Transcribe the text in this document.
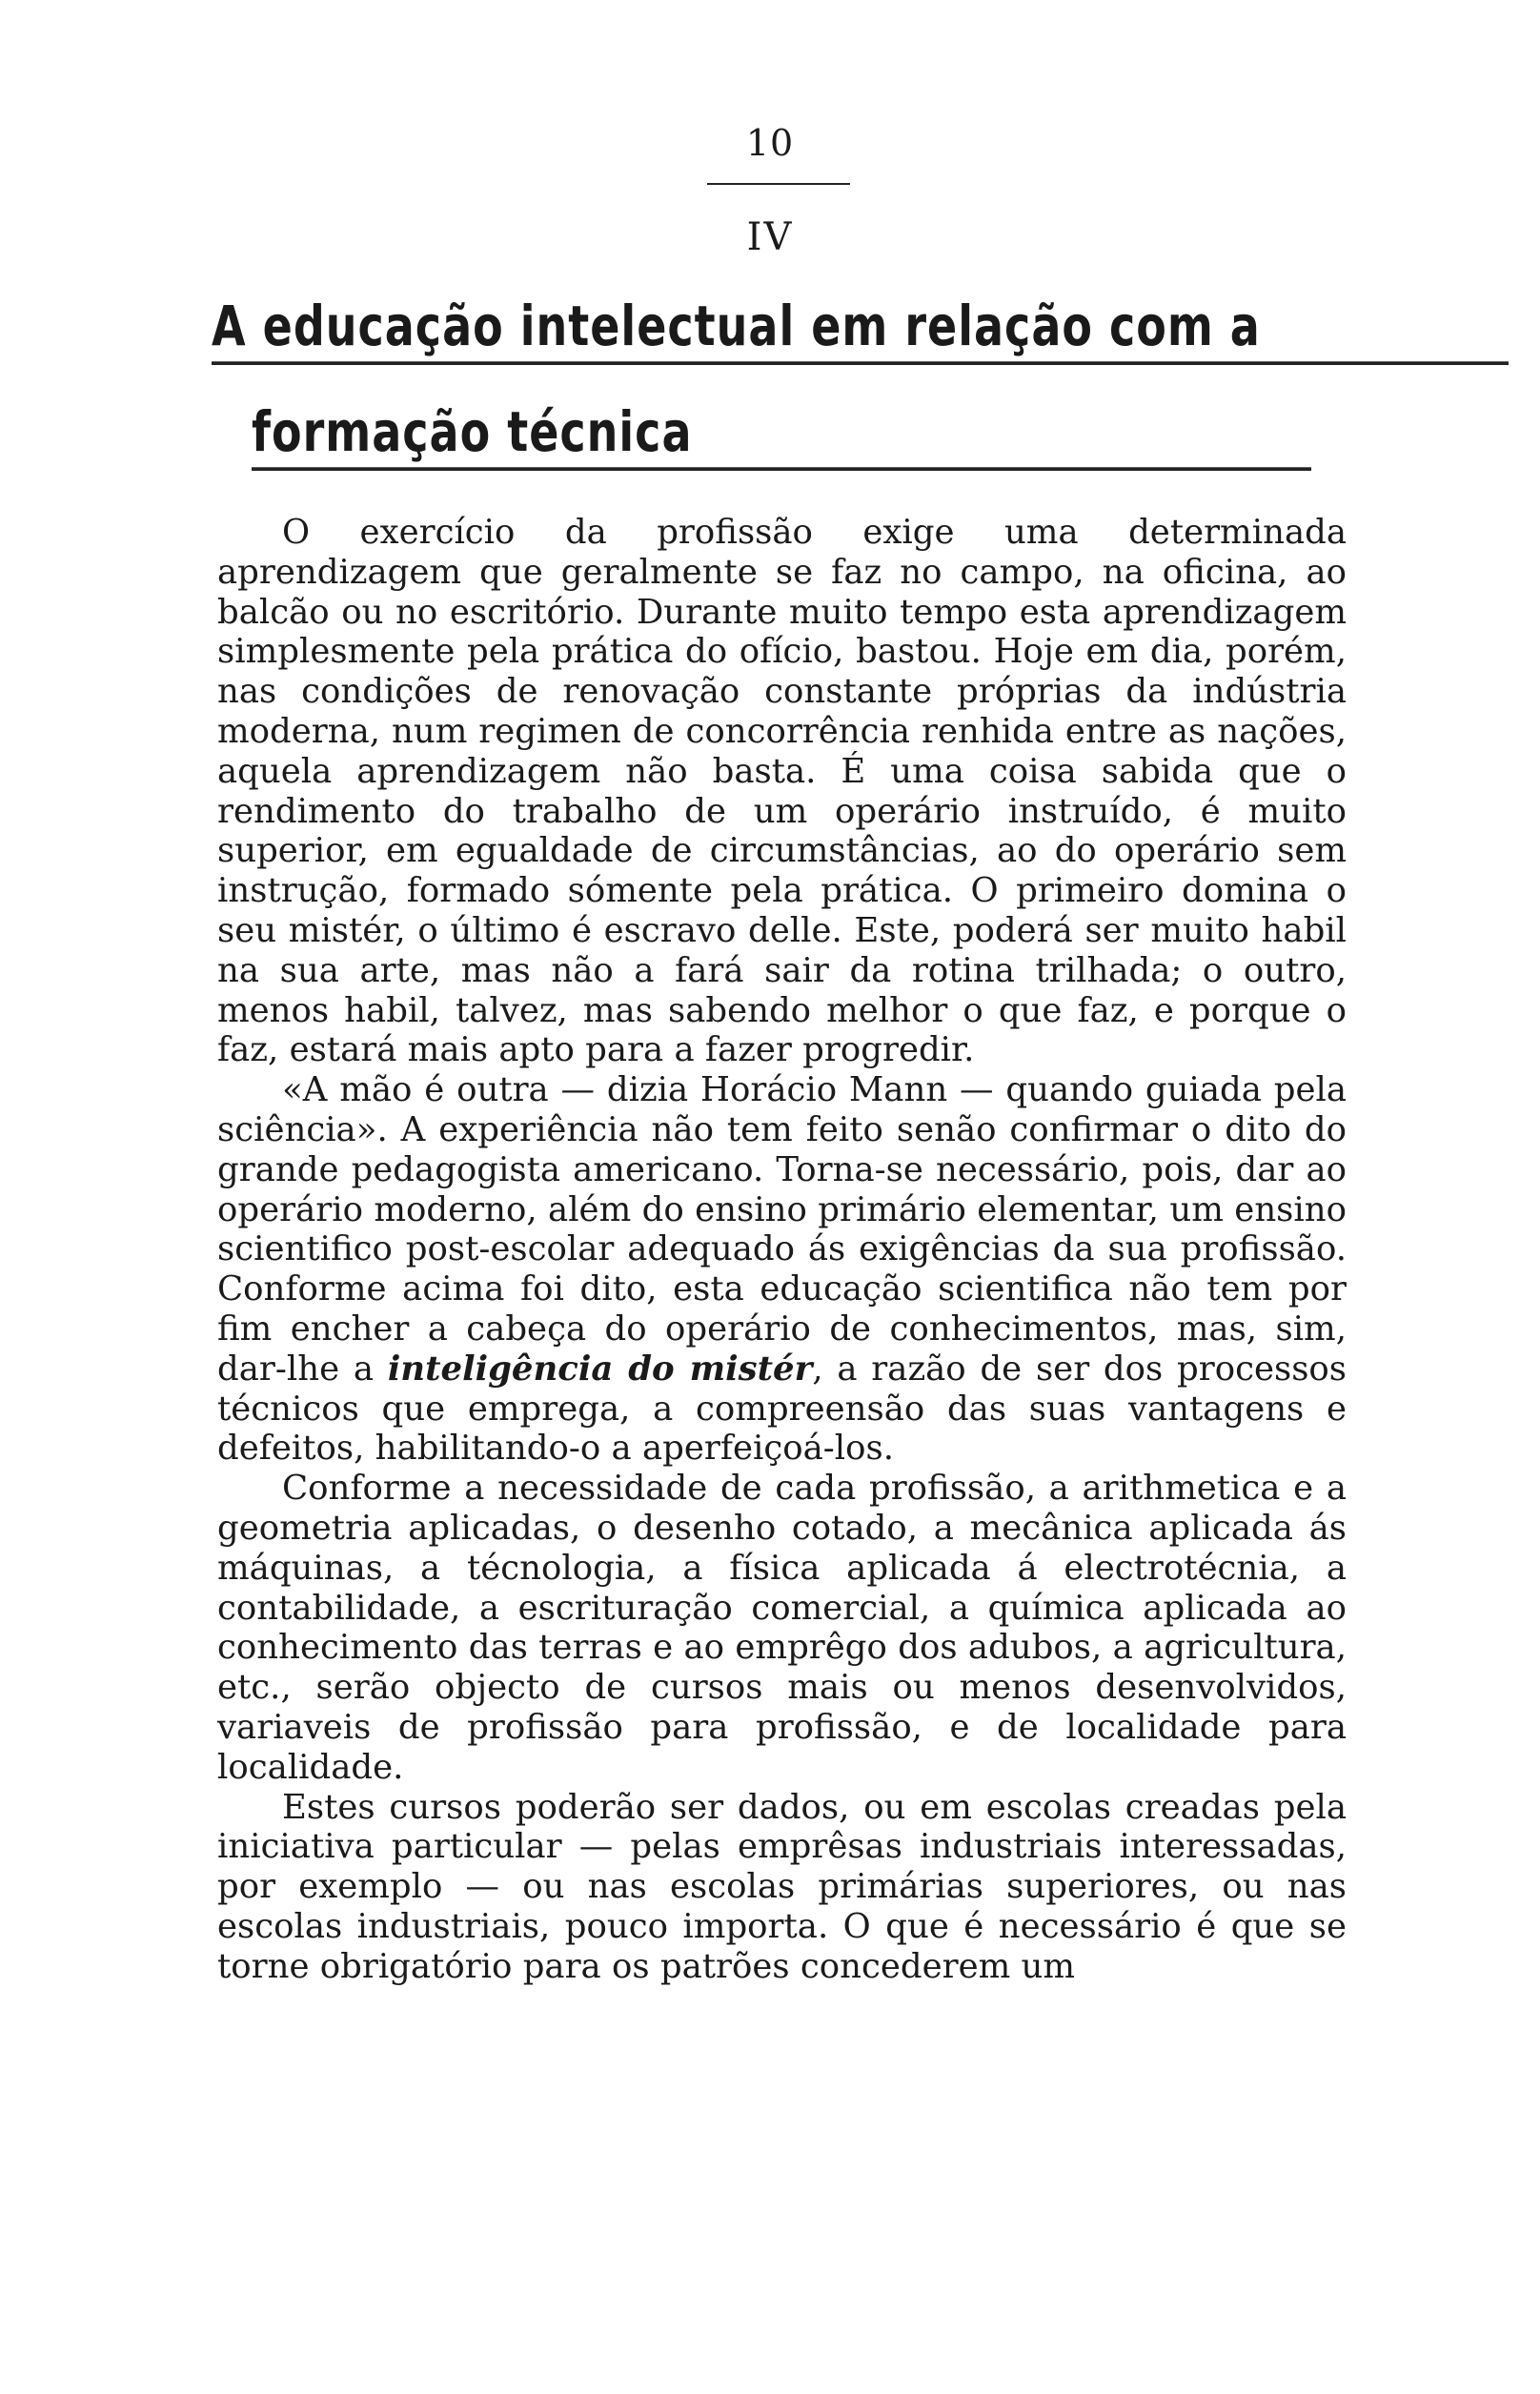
10
IV
A educação intelectual em relação com a
formação técnica

O exercício da profissão exige uma determinada aprendizagem que geralmente se faz no campo, na oficina, ao balcão ou no escritório. Durante muito tempo esta aprendizagem simplesmente pela prática do ofício, bastou. Hoje em dia, porém, nas condições de renovação constante próprias da indústria moderna, num regimen de concorrência renhida entre as nações, aquela aprendizagem não basta. É uma coisa sabida que o rendimento do trabalho de um operário instruído, é muito superior, em egualdade de circumstâncias, ao do operário sem instrução, formado sómente pela prática. O primeiro domina o seu mistér, o último é escravo delle. Este, poderá ser muito habil na sua arte, mas não a fará sair da rotina trilhada; o outro, menos habil, talvez, mas sabendo melhor o que faz, e porque o faz, estará mais apto para a fazer progredir.

«A mão é outra — dizia Horácio Mann — quando guiada pela sciência». A experiência não tem feito senão confirmar o dito do grande pedagogista americano. Torna-se necessário, pois, dar ao operário moderno, além do ensino primário elementar, um ensino scientifico post-escolar adequado ás exigências da sua profissão. Conforme acima foi dito, esta educação scientifica não tem por fim encher a cabeça do operário de conhecimentos, mas, sim, dar-lhe a inteligência do mistér, a razão de ser dos processos técnicos que emprega, a compreensão das suas vantagens e defeitos, habilitando-o a aperfeiçoá-los.

Conforme a necessidade de cada profissão, a arithmetica e a geometria aplicadas, o desenho cotado, a mecânica aplicada ás máquinas, a técnologia, a física aplicada á electrotécnia, a contabilidade, a escrituração comercial, a química aplicada ao conhecimento das terras e ao emprêgo dos adubos, a agricultura, etc., serão objecto de cursos mais ou menos desenvolvidos, variaveis de profissão para profissão, e de localidade para localidade.

Estes cursos poderão ser dados, ou em escolas creadas pela iniciativa particular — pelas emprêsas industriais interessadas, por exemplo — ou nas escolas primárias superiores, ou nas escolas industriais, pouco importa. O que é necessário é que se torne obrigatório para os patrões concederem um
